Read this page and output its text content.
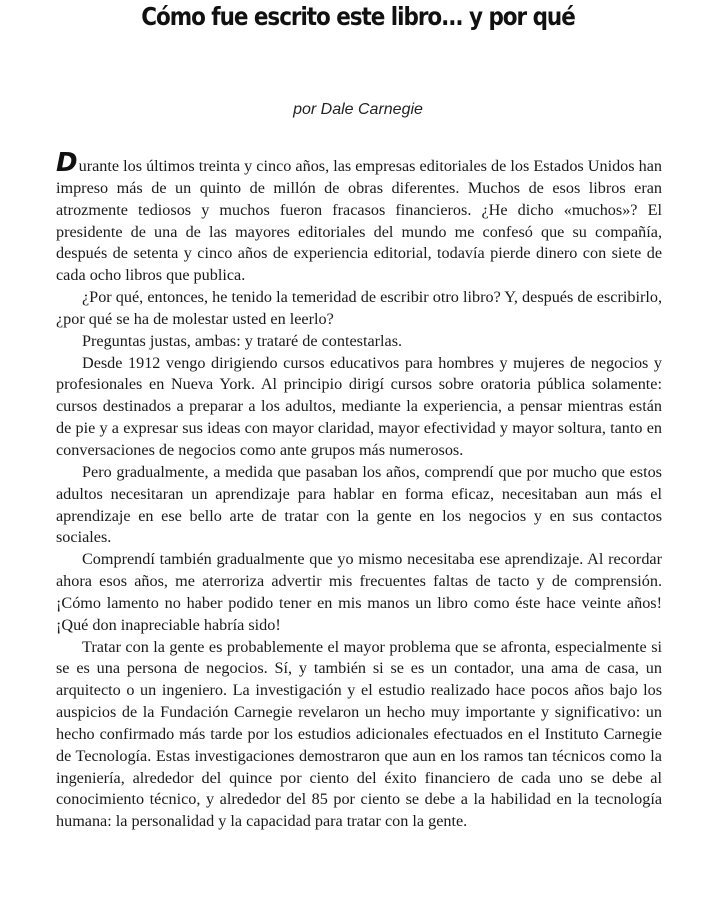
Cómo fue escrito este libro... y por qué
por Dale Carnegie

Durante los últimos treinta y cinco años, las empresas editoriales de los Estados Unidos han impreso más de un quinto de millón de obras diferentes. Muchos de esos libros eran atrozmente tediosos y muchos fueron fracasos financieros. ¿He dicho «muchos»? El presidente de una de las mayores editoriales del mundo me confesó que su compañía, después de setenta y cinco años de experiencia editorial, todavía pierde dinero con siete de cada ocho libros que publica.

¿Por qué, entonces, he tenido la temeridad de escribir otro libro? Y, después de escribirlo, ¿por qué se ha de molestar usted en leerlo?

Preguntas justas, ambas: y trataré de contestarlas.

Desde 1912 vengo dirigiendo cursos educativos para hombres y mujeres de negocios y profesionales en Nueva York. Al principio dirigí cursos sobre oratoria pública solamente: cursos destinados a preparar a los adultos, mediante la experiencia, a pensar mientras están de pie y a expresar sus ideas con mayor claridad, mayor efectividad y mayor soltura, tanto en conversaciones de negocios como ante grupos más numerosos.

Pero gradualmente, a medida que pasaban los años, comprendí que por mucho que estos adultos necesitaran un aprendizaje para hablar en forma eficaz, necesitaban aun más el aprendizaje en ese bello arte de tratar con la gente en los negocios y en sus contactos sociales.

Comprendí también gradualmente que yo mismo necesitaba ese aprendizaje. Al recordar ahora esos años, me aterroriza advertir mis frecuentes faltas de tacto y de comprensión. ¡Cómo lamento no haber podido tener en mis manos un libro como éste hace veinte años! ¡Qué don inapreciable habría sido!

Tratar con la gente es probablemente el mayor problema que se afronta, especialmente si se es una persona de negocios. Sí, y también si se es un contador, una ama de casa, un arquitecto o un ingeniero. La investigación y el estudio realizado hace pocos años bajo los auspicios de la Fundación Carnegie revelaron un hecho muy importante y significativo: un hecho confirmado más tarde por los estudios adicionales efectuados en el Instituto Carnegie de Tecnología. Estas investigaciones demostraron que aun en los ramos tan técnicos como la ingeniería, alrededor del quince por ciento del éxito financiero de cada uno se debe al conocimiento técnico, y alrededor del 85 por ciento se debe a la habilidad en la tecnología humana: la personalidad y la capacidad para tratar con la gente.
